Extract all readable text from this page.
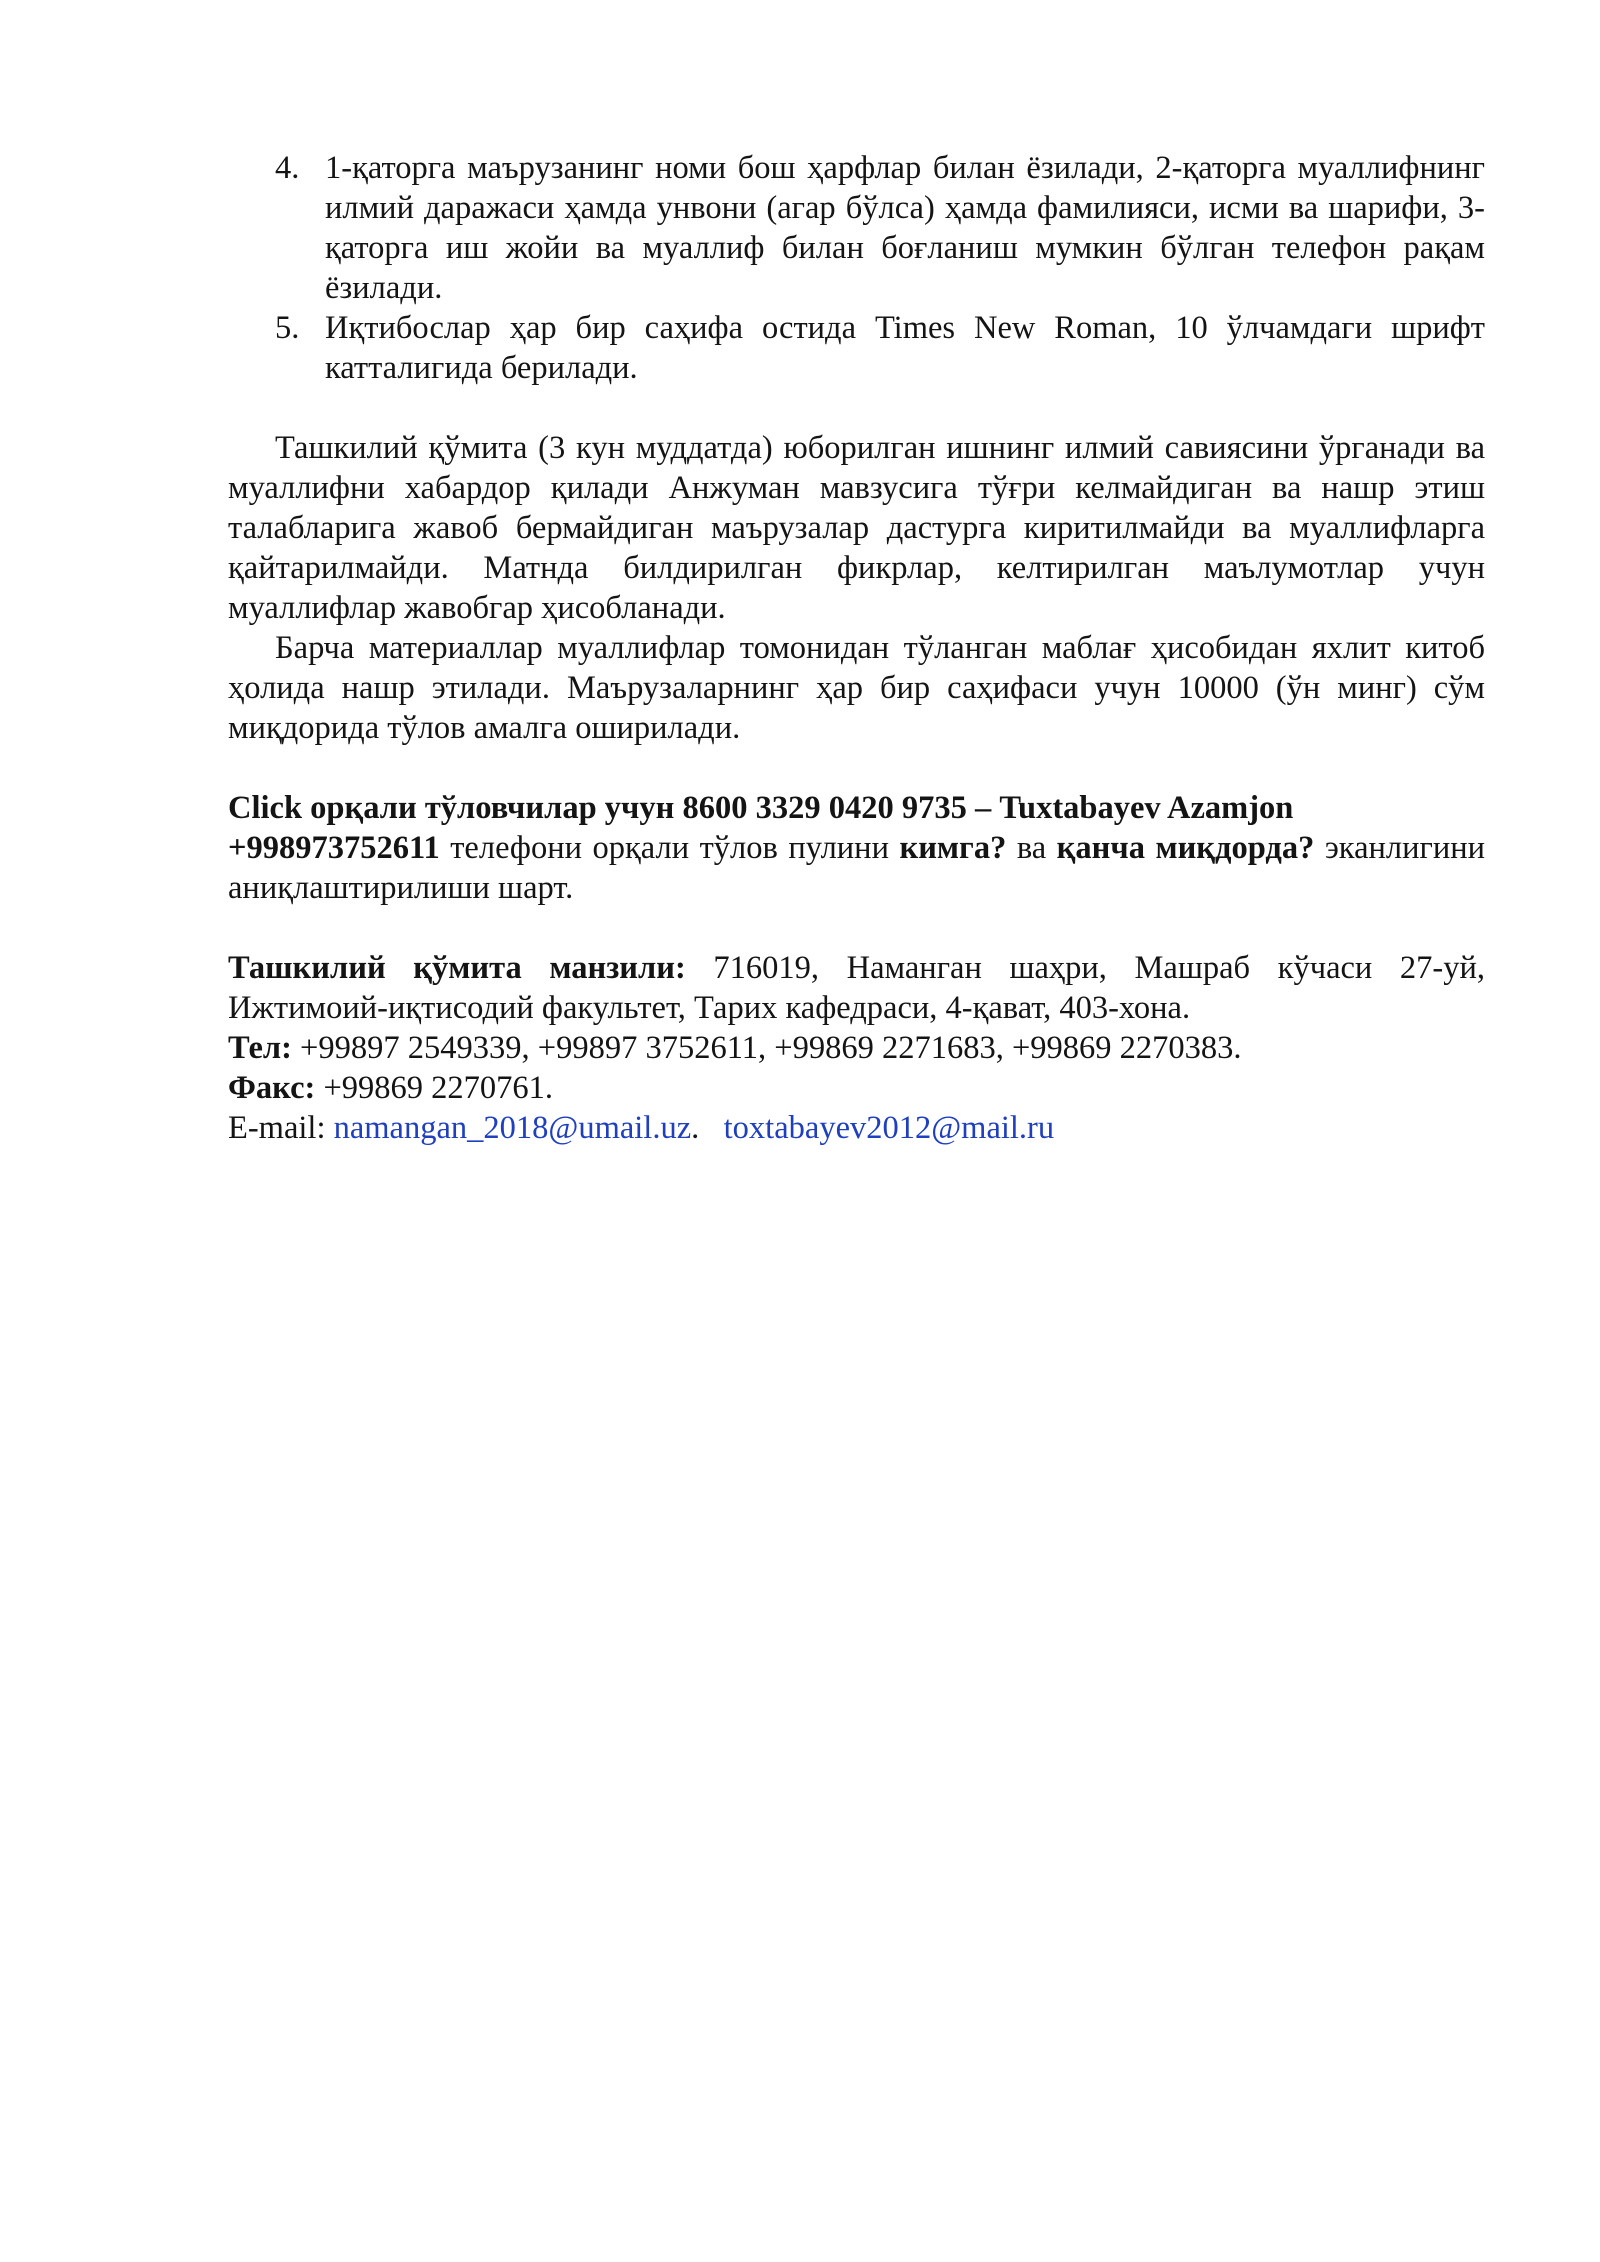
4. 1-қаторга маърузанинг номи бош ҳарфлар билан ёзилади, 2-қаторга муаллифнинг илмий даражаси ҳамда унвони (агар бўлса) ҳамда фамилияси, исми ва шарифи, 3-қаторга иш жойи ва муаллиф билан боғланиш мумкин бўлган телефон рақам ёзилади.
5. Иқтибослар ҳар бир саҳифа остида Times New Roman, 10 ўлчамдаги шрифт катталигида берилади.

Ташкилий қўмита (3 кун муддатда) юборилган ишнинг илмий савиясини ўрганади ва муаллифни хабардор қилади Анжуман мавзусига тўғри келмайдиган ва нашр этиш талабларига жавоб бермайдиган маърузалар дастурга киритилмайди ва муаллифларга қайтарилмайди. Матнда билдирилган фикрлар, келтирилган маълумотлар учун муаллифлар жавобгар ҳисобланади.

Барча материаллар муаллифлар томонидан тўланган маблағ ҳисобидан яхлит китоб ҳолида нашр этилади. Маърузаларнинг ҳар бир саҳифаси учун 10000 (ўн минг) сўм миқдорида тўлов амалга оширилади.

Click орқали тўловчилар учун 8600 3329 0420 9735 – Tuxtabayev Azamjon

+998973752611 телефони орқали тўлов пулини кимга? ва қанча миқдорда? эканлигини аниқлаштирилиши шарт.

Ташкилий қўмита манзили: 716019, Наманган шаҳри, Машраб кўчаси 27-уй, Ижтимоий-иқтисодий факультет, Тарих кафедраси, 4-қават, 403-хона.

Тел: +99897 2549339, +99897 3752611, +99869 2271683, +99869 2270383.

Факс: +99869 2270761.

E-mail: namangan_2018@umail.uz.   toxtabayev2012@mail.ru
